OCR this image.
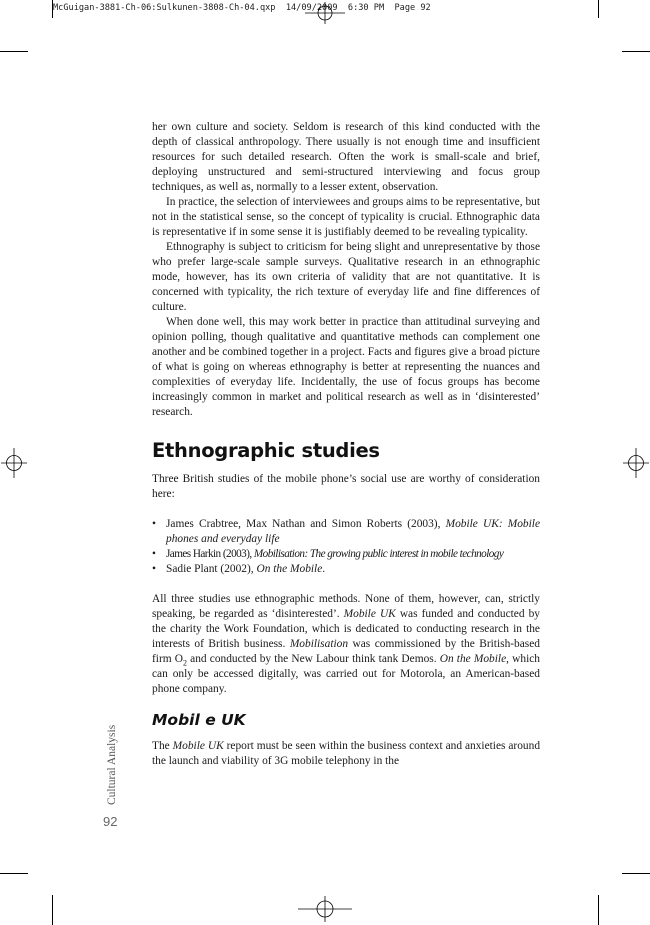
McGuigan-3881-Ch-06:Sulkunen-3808-Ch-04.qxp  14/09/2009  6:30 PM  Page 92
Cultural Analysis
92

her own culture and society. Seldom is research of this kind conducted with the depth of classical anthropology. There usually is not enough time and insufficient resources for such detailed research. Often the work is small-scale and brief, deploying unstructured and semi-structured interviewing and focus group techniques, as well as, normally to a lesser extent, observation.

In practice, the selection of interviewees and groups aims to be representative, but not in the statistical sense, so the concept of typicality is crucial. Ethnographic data is representative if in some sense it is justifiably deemed to be revealing typicality.

Ethnography is subject to criticism for being slight and unrepresentative by those who prefer large-scale sample surveys. Qualitative research in an ethnographic mode, however, has its own criteria of validity that are not quantitative. It is concerned with typicality, the rich texture of everyday life and fine differences of culture.

When done well, this may work better in practice than attitudinal surveying and opinion polling, though qualitative and quantitative methods can complement one another and be combined together in a project. Facts and figures give a broad picture of what is going on whereas ethnography is better at representing the nuances and complexities of everyday life. Incidentally, the use of focus groups has become increasingly common in market and political research as well as in ‘disinterested’ research.

Ethnographic studies

Three British studies of the mobile phone’s social use are worthy of consideration here:

• James Crabtree, Max Nathan and Simon Roberts (2003), Mobile UK: Mobile phones and everyday life
• James Harkin (2003), Mobilisation: The growing public interest in mobile technology
• Sadie Plant (2002), On the Mobile.

All three studies use ethnographic methods. None of them, however, can, strictly speaking, be regarded as ‘disinterested’. Mobile UK was funded and conducted by the charity the Work Foundation, which is dedicated to conducting research in the interests of British business. Mobilisation was commissioned by the British-based firm $O_2$ and conducted by the New Labour think tank Demos. On the Mobile, which can only be accessed digitally, was carried out for Motorola, an American-based phone company.

Mobil e UK

The Mobile UK report must be seen within the business context and anxieties around the launch and viability of 3G mobile telephony in the
